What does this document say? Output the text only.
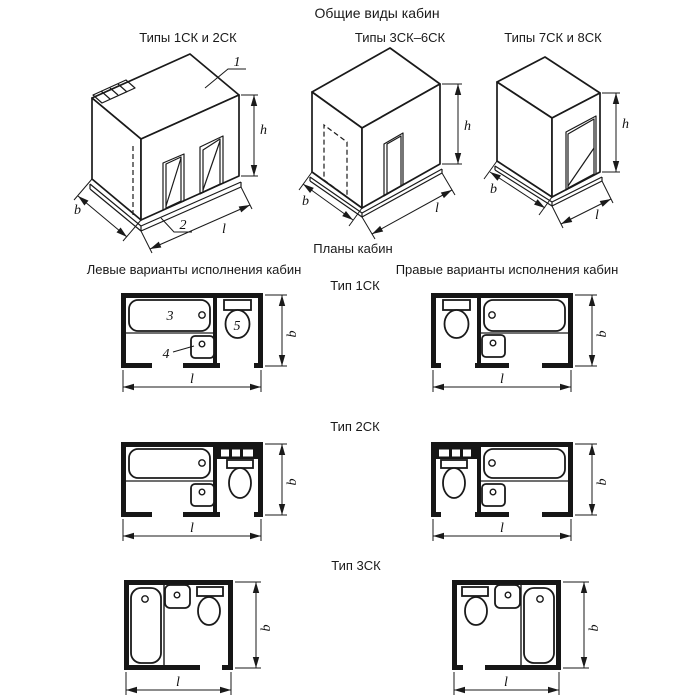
Общие виды кабин
Типы 1СК и 2СК	Типы 3СК–6СК	Типы 7СК и 8СК
Планы кабин
Левые варианты исполнения кабин	Правые варианты исполнения кабин
Тип 1СК
Тип 2СК
Тип 3СК
1
2
h
b
l
h
b	l
h
b
l
3
4
5	b
l
b
l
b
l
b
l
b
l
b
l
